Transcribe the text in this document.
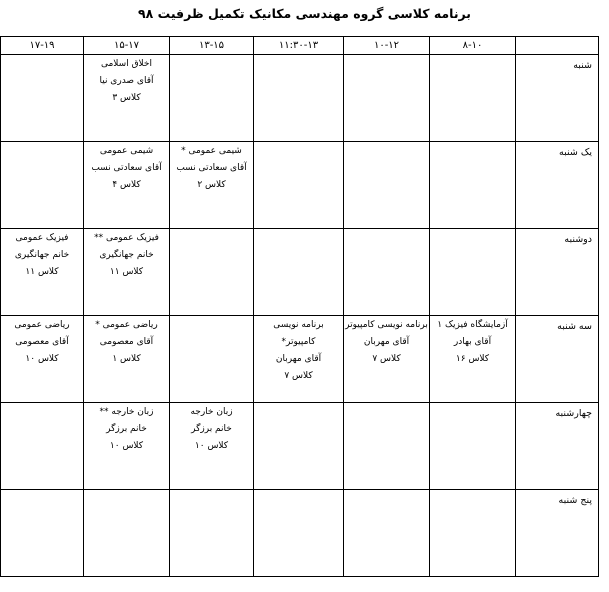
برنامه کلاسی گروه مهندسی مکانیک تکمیل ظرفیت ۹۸
	۸-۱۰	۱۰-۱۲	۱۱:۳۰-۱۳	۱۳-۱۵	۱۵-۱۷	۱۷-۱۹
شنبه					اخلاق اسلامی
آقای صدری نیا
کلاس ۳	

یک شنبه				شیمی عمومی *
آقای سعادتی نسب
کلاس ۲	شیمی عمومی
آقای سعادتی نسب
کلاس ۴	

دوشنبه					فیزیک عمومی **
خانم جهانگیری
کلاس ۱۱	فیزیک عمومی
خانم جهانگیری
کلاس ۱۱

سه شنبه	آزمایشگاه فیزیک ۱
آقای بهادر
کلاس ۱۶	برنامه نویسی کامپیوتر
آقای مهربان
کلاس ۷	برنامه نویسی
کامپیوتر*
آقای مهربان
کلاس ۷		ریاضی عمومی *
آقای معصومی
کلاس ۱	ریاضی عمومی
آقای معصومی
کلاس ۱۰

چهارشنبه				زبان خارجه
خانم برزگر
کلاس ۱۰	زبان خارجه **
خانم برزگر
کلاس ۱۰	

پنج شنبه						
